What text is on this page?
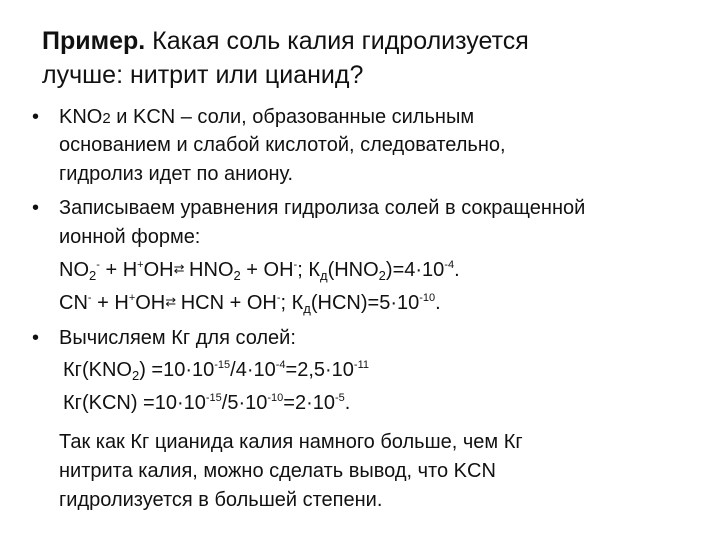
Пример. Какая соль калия гидролизуется
лучше: нитрит или цианид?
• KNO2 и KCN – соли, образованные сильным
основанием и слабой кислотой, следовательно,
гидролиз идет по аниону.
• Записываем уравнения гидролиза солей в сокращенной
ионной форме:
$NO_2^-$ + H+OH⇄ $HNO_2 + OH^-$; $К_д(HNO_2)=4\cdot 10^{-4}$.
CN- + H+OH⇄ HCN + OH-; $К_д(HCN)=5\cdot 10^{-10}$.
• Вычисляем Кг для солей:
$Кг(KNO_2) =10\cdot 10^{-15}/4\cdot 10^{-4}=2,5\cdot 10^{-11}$
$Кг(KCN) =10\cdot 10^{-15}/5\cdot 10^{-10}=2\cdot 10^{-5}$.
Так как Кг цианида калия намного больше, чем Кг
нитрита калия, можно сделать вывод, что KCN
гидролизуется в большей степени.
